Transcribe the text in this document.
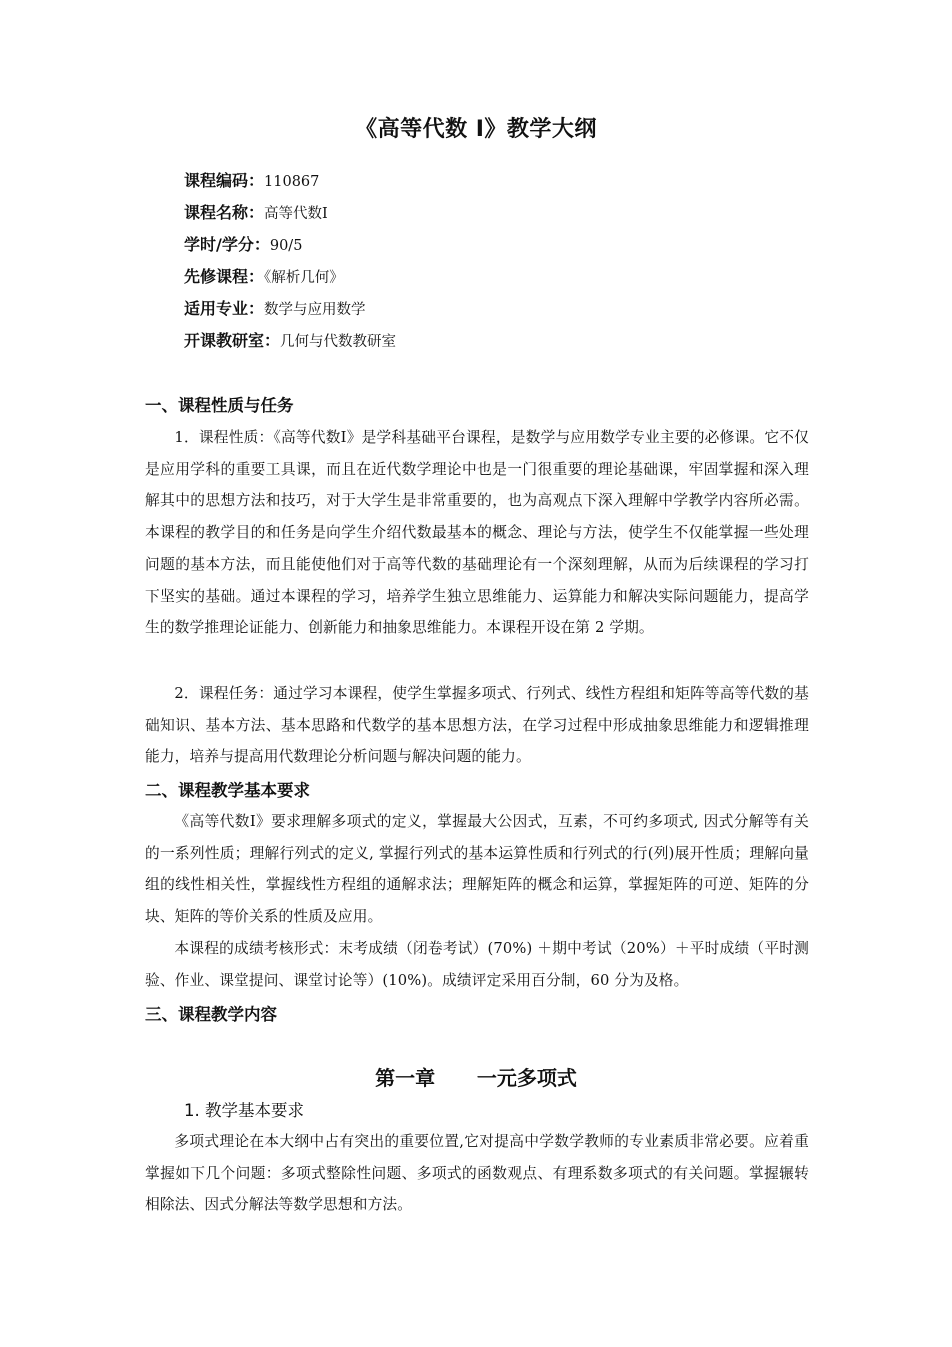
《高等代数 I》教学大纲
课程编码：110867
课程名称：高等代数Ⅰ
学时/学分：90/5
先修课程：《解析几何》
适用专业：数学与应用数学
开课教研室：几何与代数教研室
一、课程性质与任务
1．课程性质：《高等代数Ⅰ》是学科基础平台课程，是数学与应用数学专业主要的必修课。它不仅是应用学科的重要工具课，而且在近代数学理论中也是一门很重要的理论基础课，牢固掌握和深入理解其中的思想方法和技巧，对于大学生是非常重要的，也为高观点下深入理解中学教学内容所必需。本课程的教学目的和任务是向学生介绍代数最基本的概念、理论与方法，使学生不仅能掌握一些处理问题的基本方法，而且能使他们对于高等代数的基础理论有一个深刻理解，从而为后续课程的学习打下坚实的基础。通过本课程的学习，培养学生独立思维能力、运算能力和解决实际问题能力，提高学生的数学推理论证能力、创新能力和抽象思维能力。本课程开设在第 2 学期。
2．课程任务：通过学习本课程，使学生掌握多项式、行列式、线性方程组和矩阵等高等代数的基础知识、基本方法、基本思路和代数学的基本思想方法，在学习过程中形成抽象思维能力和逻辑推理能力，培养与提高用代数理论分析问题与解决问题的能力。
二、课程教学基本要求
《高等代数Ⅰ》要求理解多项式的定义，掌握最大公因式，互素，不可约多项式, 因式分解等有关的一系列性质；理解行列式的定义, 掌握行列式的基本运算性质和行列式的行(列)展开性质；理解向量组的线性相关性，掌握线性方程组的通解求法；理解矩阵的概念和运算，掌握矩阵的可逆、矩阵的分块、矩阵的等价关系的性质及应用。
本课程的成绩考核形式：末考成绩（闭卷考试）(70%) ＋期中考试（20%）＋平时成绩（平时测验、作业、课堂提问、课堂讨论等）(10%)。成绩评定采用百分制，60 分为及格。
三、课程教学内容
第一章      一元多项式
1. 教学基本要求
多项式理论在本大纲中占有突出的重要位置,它对提高中学数学教师的专业素质非常必要。应着重掌握如下几个问题：多项式整除性问题、多项式的函数观点、有理系数多项式的有关问题。掌握辗转相除法、因式分解法等数学思想和方法。
